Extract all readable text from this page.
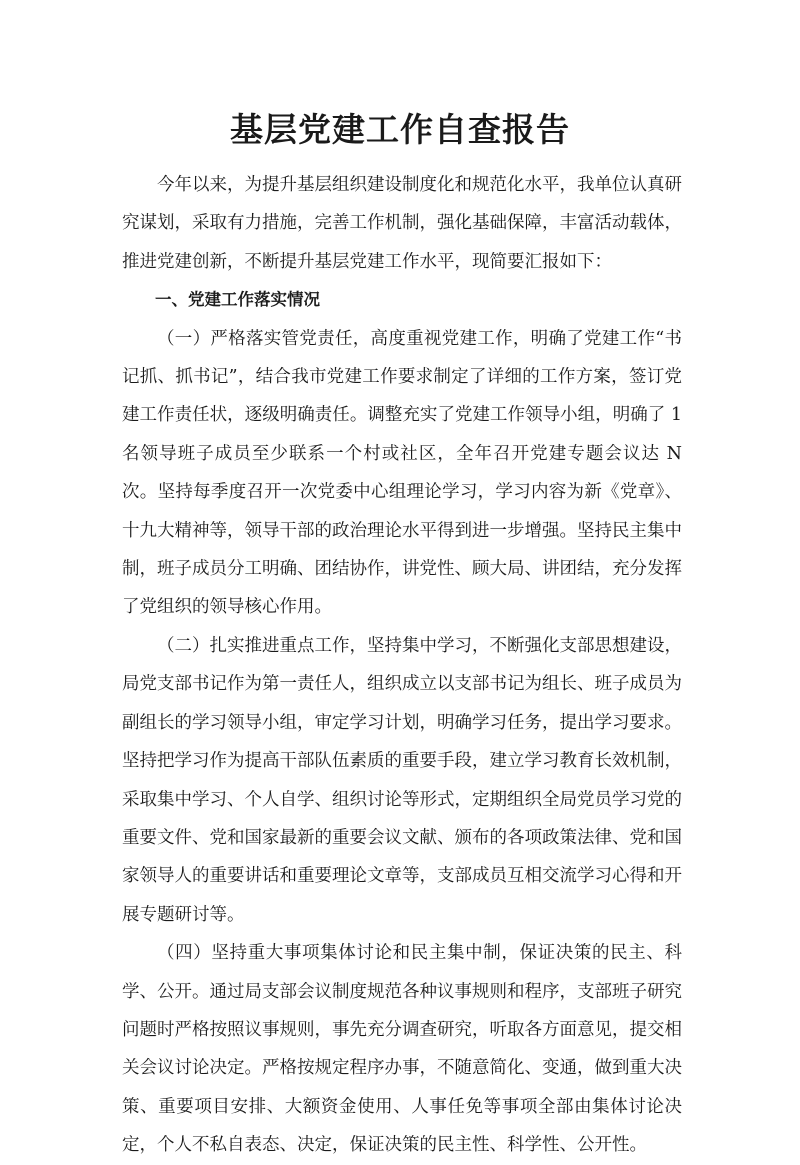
基层党建工作自查报告

今年以来，为提升基层组织建设制度化和规范化水平，我单位认真研究谋划，采取有力措施，完善工作机制，强化基础保障，丰富活动载体，推进党建创新，不断提升基层党建工作水平，现简要汇报如下：

一、党建工作落实情况

（一）严格落实管党责任，高度重视党建工作，明确了党建工作“书记抓、抓书记”，结合我市党建工作要求制定了详细的工作方案，签订党建工作责任状，逐级明确责任。调整充实了党建工作领导小组，明确了 1 名领导班子成员至少联系一个村或社区，全年召开党建专题会议达 N 次。坚持每季度召开一次党委中心组理论学习，学习内容为新《党章》、十九大精神等，领导干部的政治理论水平得到进一步增强。坚持民主集中制，班子成员分工明确、团结协作，讲党性、顾大局、讲团结，充分发挥了党组织的领导核心作用。

（二）扎实推进重点工作，坚持集中学习，不断强化支部思想建设，局党支部书记作为第一责任人，组织成立以支部书记为组长、班子成员为副组长的学习领导小组，审定学习计划，明确学习任务，提出学习要求。坚持把学习作为提高干部队伍素质的重要手段，建立学习教育长效机制，采取集中学习、个人自学、组织讨论等形式，定期组织全局党员学习党的重要文件、党和国家最新的重要会议文献、颁布的各项政策法律、党和国家领导人的重要讲话和重要理论文章等，支部成员互相交流学习心得和开展专题研讨等。

（四）坚持重大事项集体讨论和民主集中制，保证决策的民主、科学、公开。通过局支部会议制度规范各种议事规则和程序，支部班子研究问题时严格按照议事规则，事先充分调查研究，听取各方面意见，提交相关会议讨论决定。严格按规定程序办事，不随意简化、变通，做到重大决策、重要项目安排、大额资金使用、人事任免等事项全部由集体讨论决定，个人不私自表态、决定，保证决策的民主性、科学性、公开性。
